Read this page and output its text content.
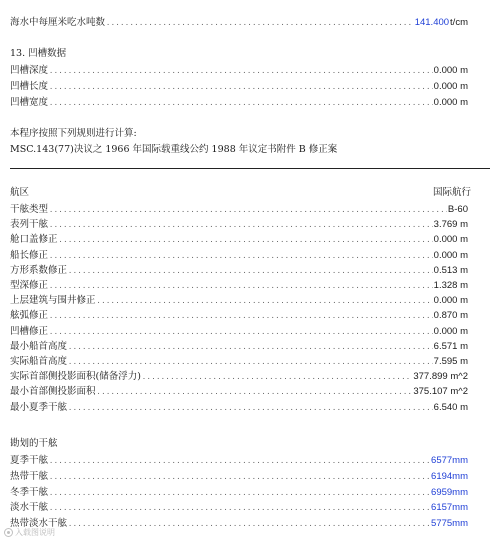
海水中每厘米吃水吨数 .....	141.400 t/cm
13. 凹槽数据
凹槽深度 .....	0.000 m
凹槽长度 .....	0.000 m
凹槽宽度 .....	0.000 m
本程序按照下列规则进行计算:
MSC.143(77)决议之 1966 年国际载重线公约 1988 年议定书附件 B 修正案
航区	国际航行
干舷类型 .....	B-60
表列干舷 .....	3.769 m
舱口盖修正 .....	0.000 m
船长修正 .....	0.000 m
方形系数修正 .....	0.513 m
型深修正 .....	1.328 m
上层建筑与围井修正 .....	0.000 m
舷弧修正 .....	0.870 m
凹槽修正 .....	0.000 m
最小船首高度 .....	6.571 m
实际船首高度 .....	7.595 m
实际首部侧投影面积(储备浮力) .....	377.899 m^2
最小首部侧投影面积 .....	375.107 m^2
最小夏季干舷 .....	6.540 m
勘划的干舷
夏季干舷 .....	6577mm
热带干舷 .....	6194mm
冬季干舷 .....	6959mm
淡水干舷 .....	6157mm
热带淡水干舷 .....	5775mm
入载图说明
